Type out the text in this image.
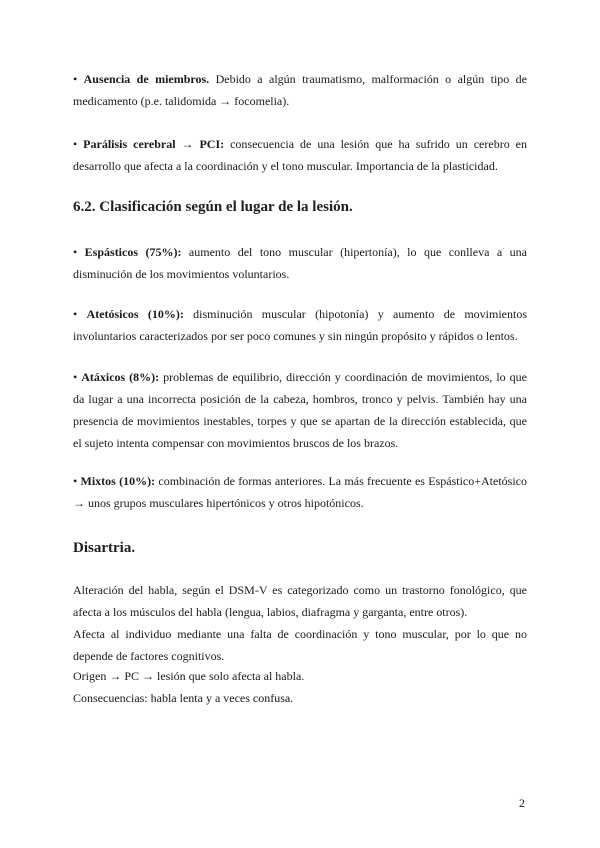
• Ausencia de miembros. Debido a algún traumatismo, malformación o algún tipo de medicamento (p.e. talidomida → focomelia).

• Parálisis cerebral → PCI: consecuencia de una lesión que ha sufrido un cerebro en desarrollo que afecta a la coordinación y el tono muscular. Importancia de la plasticidad.

6.2. Clasificación según el lugar de la lesión.

• Espásticos (75%): aumento del tono muscular (hipertonía), lo que conlleva a una disminución de los movimientos voluntarios.

• Atetósicos (10%): disminución muscular (hipotonía) y aumento de movimientos involuntarios caracterizados por ser poco comunes y sin ningún propósito y rápidos o lentos.

• Atáxicos (8%): problemas de equilibrio, dirección y coordinación de movimientos, lo que da lugar a una incorrecta posición de la cabeza, hombros, tronco y pelvis. También hay una presencia de movimientos inestables, torpes y que se apartan de la dirección establecida, que el sujeto intenta compensar con movimientos bruscos de los brazos.

• Mixtos (10%): combinación de formas anteriores. La más frecuente es Espástico+Atetósico → unos grupos musculares hipertónicos y otros hipotónicos.

Disartria.

Alteración del habla, según el DSM-V es categorizado como un trastorno fonológico, que afecta a los músculos del habla (lengua, labios, diafragma y garganta, entre otros).

Afecta al individuo mediante una falta de coordinación y tono muscular, por lo que no depende de factores cognitivos.

Origen → PC → lesión que solo afecta al habla.

Consecuencias: habla lenta y a veces confusa.

2
